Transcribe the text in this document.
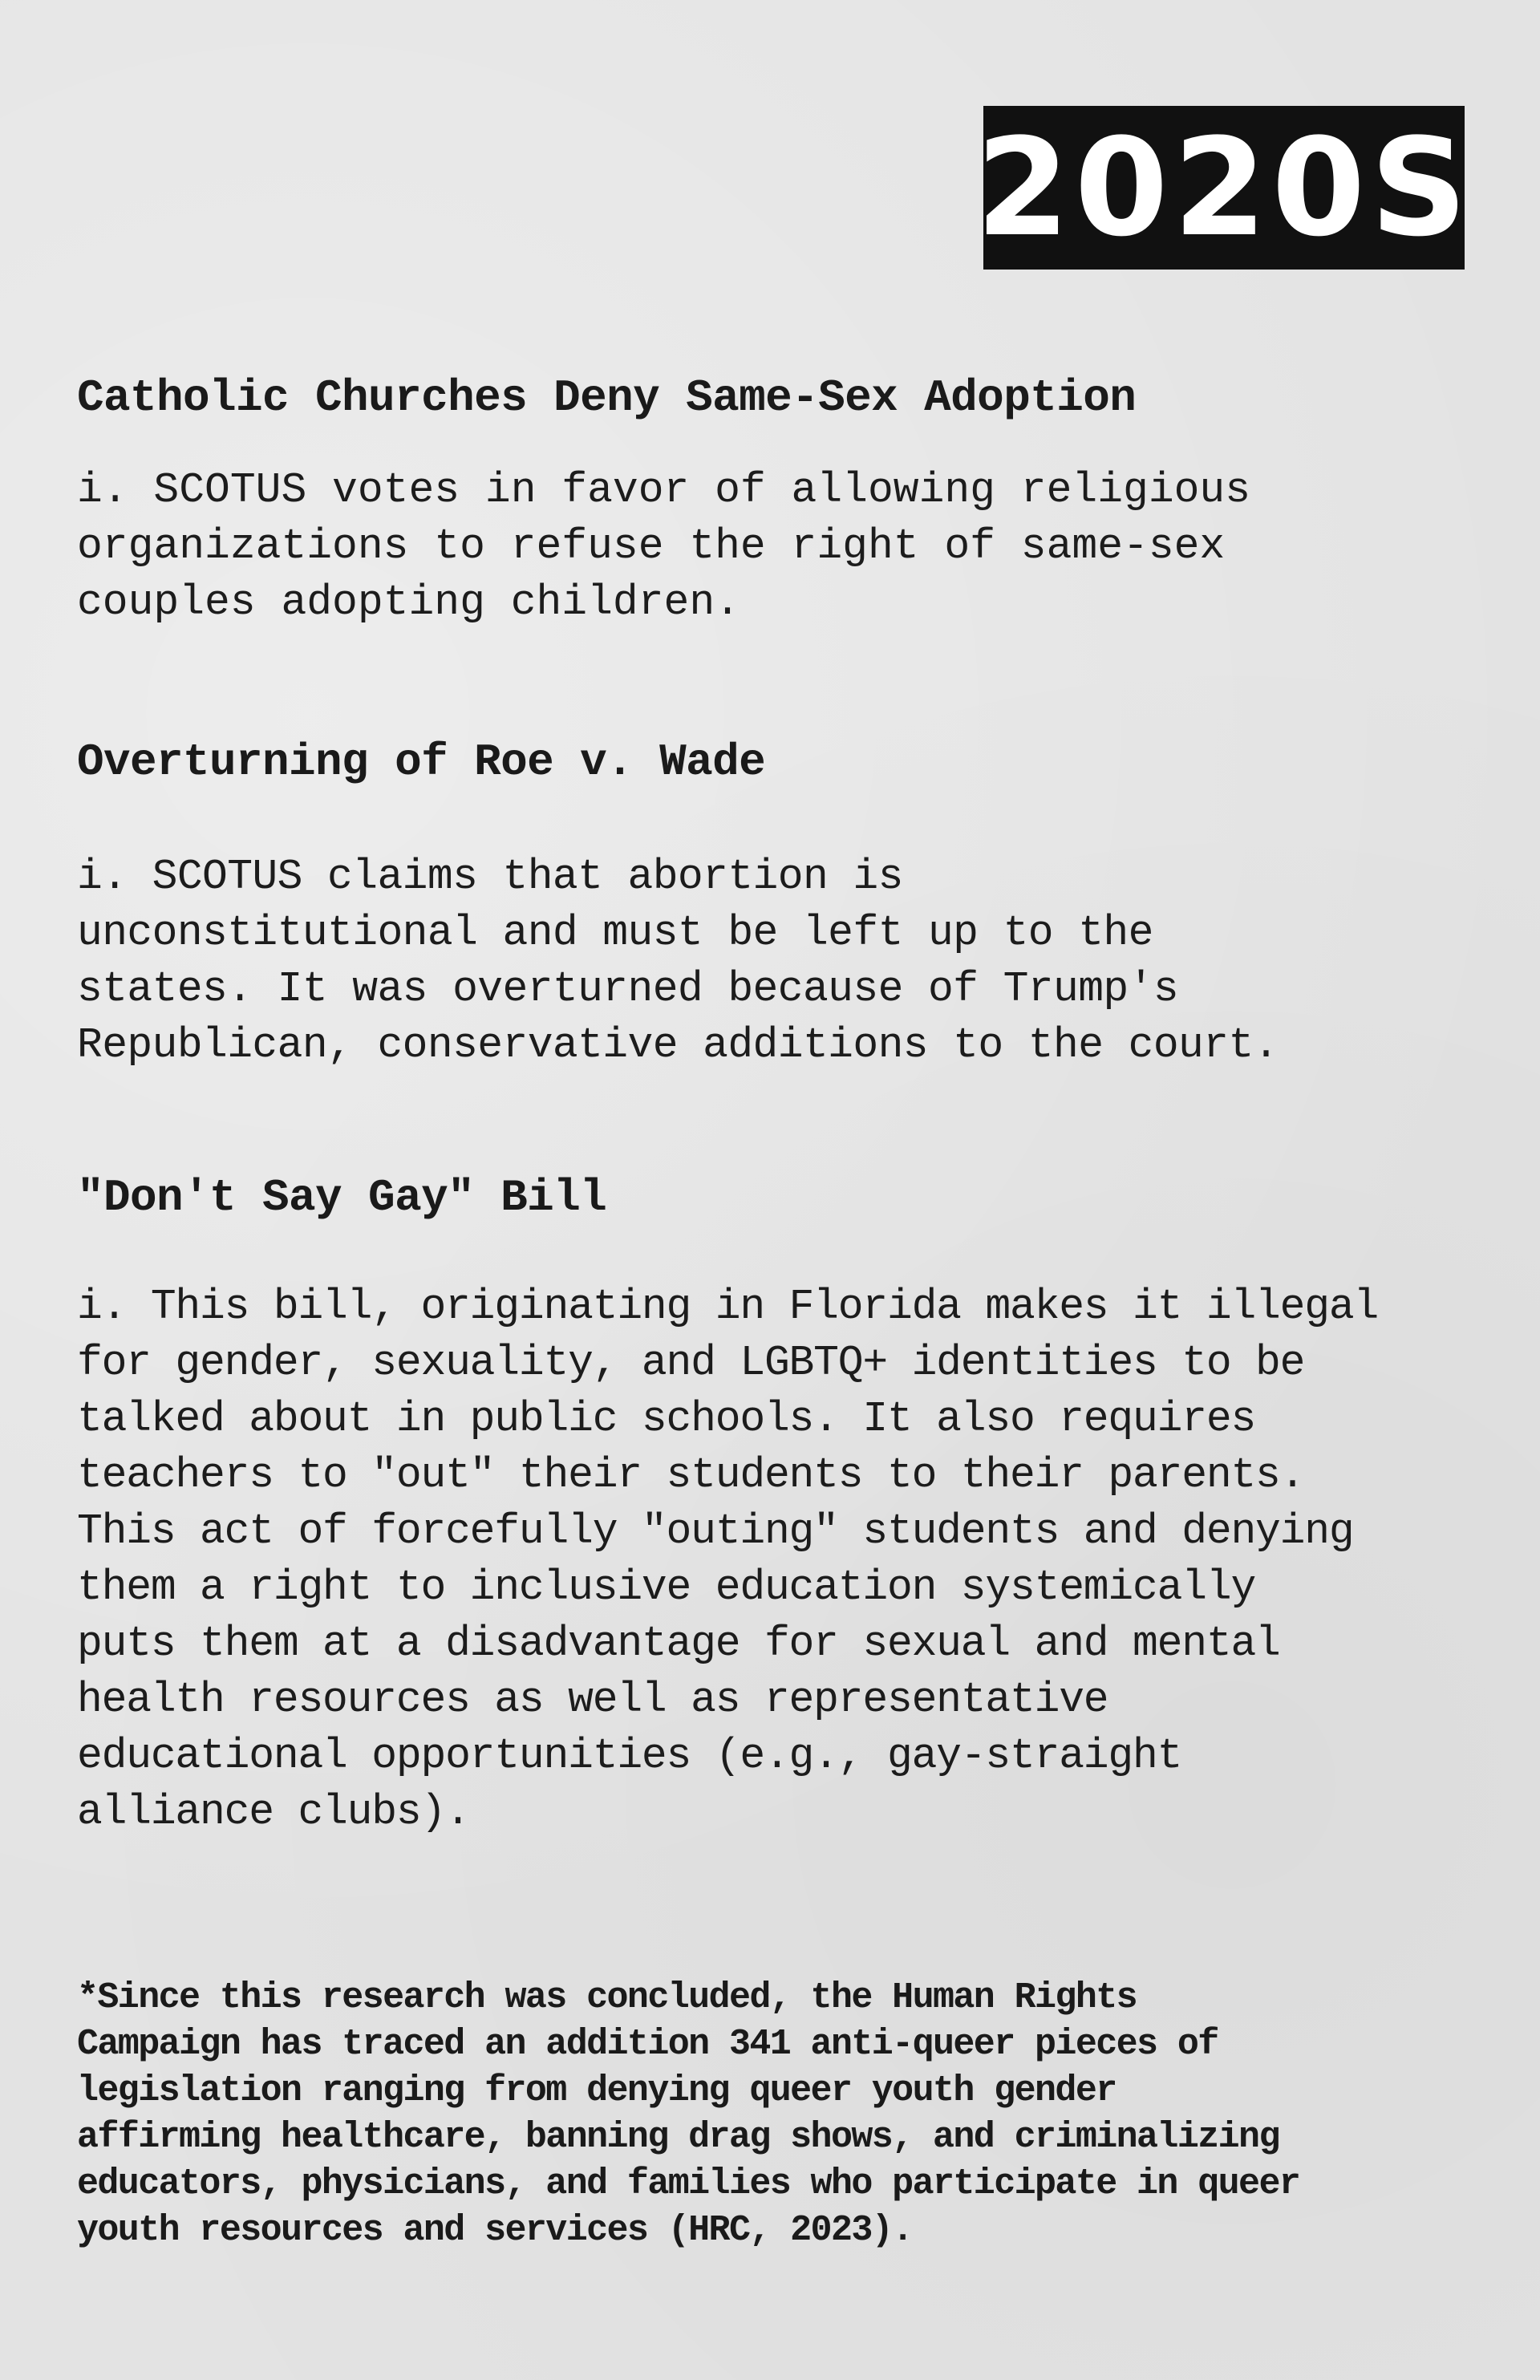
2020S
Catholic Churches Deny Same-Sex Adoption
i. SCOTUS votes in favor of allowing religious
organizations to refuse the right of same-sex
couples adopting children.
Overturning of Roe v. Wade
i. SCOTUS claims that abortion is
unconstitutional and must be left up to the
states. It was overturned because of Trump's
Republican, conservative additions to the court.
"Don't Say Gay" Bill
i. This bill, originating in Florida makes it illegal
for gender, sexuality, and LGBTQ+ identities to be
talked about in public schools. It also requires
teachers to "out" their students to their parents.
This act of forcefully "outing" students and denying
them a right to inclusive education systemically
puts them at a disadvantage for sexual and mental
health resources as well as representative
educational opportunities (e.g., gay-straight
alliance clubs).
*Since this research was concluded, the Human Rights
Campaign has traced an addition 341 anti-queer pieces of
legislation ranging from denying queer youth gender
affirming healthcare, banning drag shows, and criminalizing
educators, physicians, and families who participate in queer
youth resources and services (HRC, 2023).
